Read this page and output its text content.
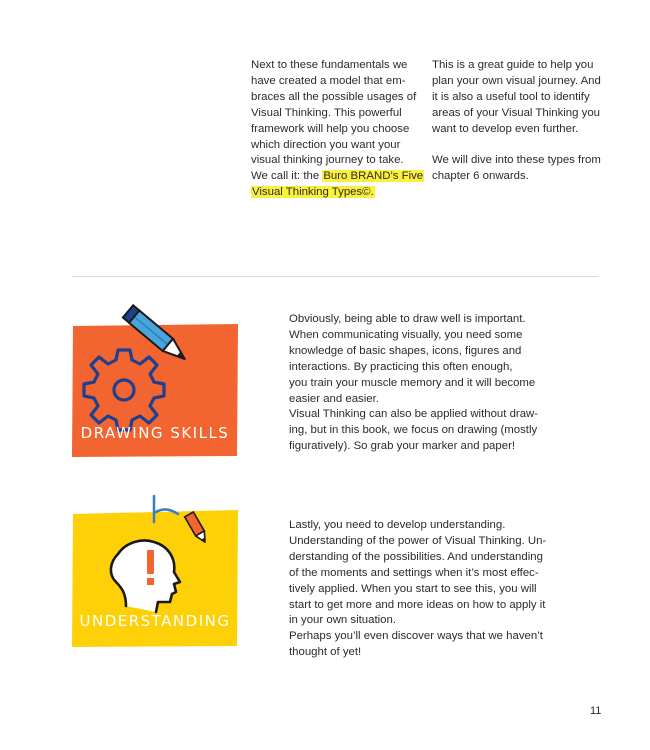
Next to these fundamentals we
have created a model that em-
braces all the possible usages of
Visual Thinking. This powerful
framework will help you choose
which direction you want your
visual thinking journey to take.
We call it: the Buro BRAND’s Five
Visual Thinking Types©.
This is a great guide to help you
plan your own visual journey. And
it is also a useful tool to identify
areas of your Visual Thinking you
want to develop even further.
We will dive into these types from
chapter 6 onwards.
DRAWING SKILLS
Obviously, being able to draw well is important.
When communicating visually, you need some
knowledge of basic shapes, icons, figures and
interactions. By practicing this often enough,
you train your muscle memory and it will become
easier and easier.
Visual Thinking can also be applied without draw-
ing, but in this book, we focus on drawing (mostly
figuratively). So grab your marker and paper!
UNDERSTANDING
Lastly, you need to develop understanding.
Understanding of the power of Visual Thinking. Un-
derstanding of the possibilities. And understanding
of the moments and settings when it’s most effec-
tively applied. When you start to see this, you will
start to get more and more ideas on how to apply it
in your own situation.
Perhaps you’ll even discover ways that we haven’t
thought of yet!
11
